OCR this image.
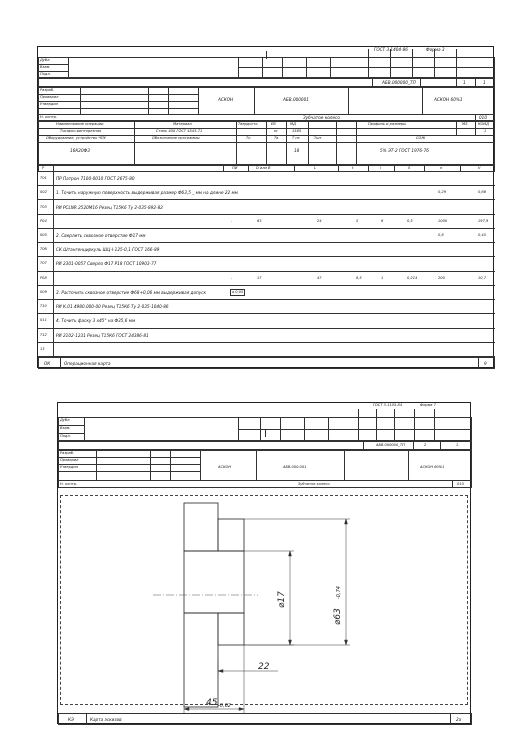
ГОСТ 3.1404-86	Форма 3
Дубл.
Взам.
Подл.
АБВ.000000_ТП	1	1
Разраб.
Проверил
Утвердил
Н. контр.
АСКОН	АБВ.000001	АСКОН 60%1
Зубчатое колесо	010
Наименование операции	Материал	Твердость	ЕВ	МД	Профиль и размеры	МЗ	КОИД
Токарно-винторезная	Сталь 40Х ГОСТ 4543-71	кг	1585	1
Оборудование, устройство ЧПУ	Обозначение программы	То	Тв	Т пз	Тшт	СОЖ
16К20Ф3	18	5% ЭТ-2 ГОСТ 1976-76
Р	ПИ	D или В	L	t	i	S	n	V
Т01 ПР Патрон 7100-0010 ГОСТ 2675-80
002 1. Точить наружную поверхность выдерживая размер Ф63,5 _ мм на длине 22 мм	0,29	0,66
Т03 РИ PCLNR 2520М16 Резец Т15К6 Ту 2-035-892-82
Р04	-	63	24	5	6	0,5	1000	197,9
005 2. Сверлить сквозное отверстие Ф17 мм	0,8	0,45
Т06 СК Штангенциркуль ШЦ-I-125-0,1 ГОСТ 166-89
Т07 РИ 2301-0057 Сверло Ф17 Р18 ГОСТ 10903-77
Р08	-	17	47	8,5	1	0,214	200	10,7
009 3. Расточить сквозное отверстие Ф68+0,06 мм выдерживая допуск	⌀ 0,05
Т10 РИ К.01.4980.000-00 Резец Т15К6 Ту 2-035-1040-86
011 4. Точить фаску 3 х45° на Ф35,6 мм
Т12 РИ 2102-1231 Резец Т15К6 ГОСТ 24386-81
13
ОК	Операционная карта	9
ГОСТ 3.1105-84	Форма 7
Дубл.
Взам.
Подл.
АБВ.000000_ТП	2	1
Разраб.
Проверил
Утвердил
Н. контр.
АСКОН	АБВ.000.001	АСКОН 60%1
Зубчатое колесо	010
⌀17
⌀63
-0,74
22
45 -0,62
КЭ	Карта эскизов	2а
